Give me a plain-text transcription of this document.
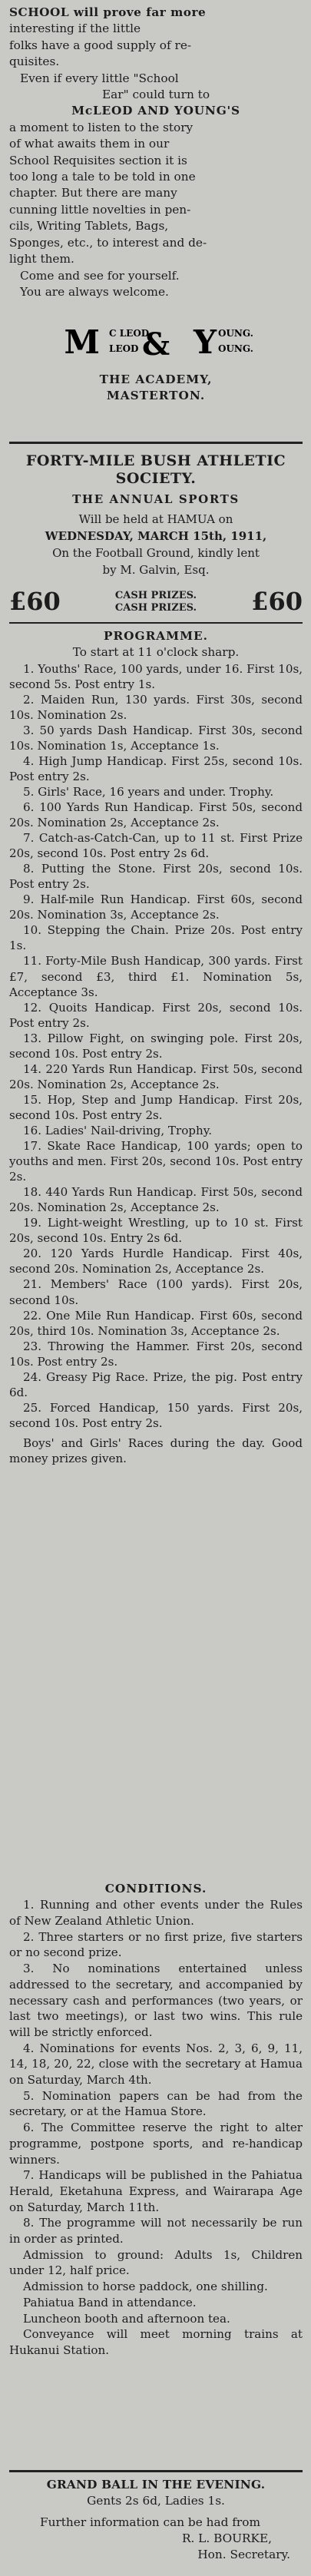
SCHOOL will prove far more

interesting if the little

folks have a good supply of re-

quisites.

Even if every little "School

Ear" could turn to

McLEOD AND YOUNG'S

a moment to listen to the story

of what awaits them in our

School Requisites section it is

too long a tale to be told in one

chapter. But there are many

cunning little novelties in pen-

cils, Writing Tablets, Bags,

Sponges, etc., to interest and de-

light them.

Come and see for yourself.

You are always welcome.

M C LEOD
LEOD & Y OUNG.
OUNG.

THE ACADEMY,

MASTERTON.

FORTY-MILE BUSH ATHLETIC
SOCIETY.
THE ANNUAL SPORTS

Will be held at HAMUA on

WEDNESDAY, MARCH 15th, 1911,

On the Football Ground, kindly lent

by M. Galvin, Esq.

£60	CASH PRIZES.
CASH PRIZES.	£60

PROGRAMME.

To start at 11 o'clock sharp.

1. Youths' Race, 100 yards, under 16. First 10s, second 5s. Post entry 1s.

2. Maiden Run, 130 yards. First 30s, second 10s. Nomination 2s.

3. 50 yards Dash Handicap. First 30s, second 10s. Nomination 1s, Acceptance 1s.

4. High Jump Handicap. First 25s, second 10s. Post entry 2s.

5. Girls' Race, 16 years and under. Trophy.

6. 100 Yards Run Handicap. First 50s, second 20s. Nomination 2s, Acceptance 2s.

7. Catch-as-Catch-Can, up to 11 st. First Prize 20s, second 10s. Post entry 2s 6d.

8. Putting the Stone. First 20s, second 10s. Post entry 2s.

9. Half-mile Run Handicap. First 60s, second 20s. Nomination 3s, Acceptance 2s.

10. Stepping the Chain. Prize 20s. Post entry 1s.

11. Forty-Mile Bush Handicap, 300 yards. First £7, second £3, third £1. Nomination 5s, Acceptance 3s.

12. Quoits Handicap. First 20s, second 10s. Post entry 2s.

13. Pillow Fight, on swinging pole. First 20s, second 10s. Post entry 2s.

14. 220 Yards Run Handicap. First 50s, second 20s. Nomination 2s, Acceptance 2s.

15. Hop, Step and Jump Handicap. First 20s, second 10s. Post entry 2s.

16. Ladies' Nail-driving, Trophy.

17. Skate Race Handicap, 100 yards; open to youths and men. First 20s, second 10s. Post entry 2s.

18. 440 Yards Run Handicap. First 50s, second 20s. Nomination 2s, Acceptance 2s.

19. Light-weight Wrestling, up to 10 st. First 20s, second 10s. Entry 2s 6d.

20. 120 Yards Hurdle Handicap. First 40s, second 20s. Nomination 2s, Acceptance 2s.

21. Members' Race (100 yards). First 20s, second 10s.

22. One Mile Run Handicap. First 60s, second 20s, third 10s. Nomination 3s, Acceptance 2s.

23. Throwing the Hammer. First 20s, second 10s. Post entry 2s.

24. Greasy Pig Race. Prize, the pig. Post entry 6d.

25. Forced Handicap, 150 yards. First 20s, second 10s. Post entry 2s.

Boys' and Girls' Races during the day. Good money prizes given.

CONDITIONS.

1. Running and other events under the Rules of New Zealand Athletic Union.

2. Three starters or no first prize, five starters or no second prize.

3. No nominations entertained unless addressed to the secretary, and accompanied by necessary cash and performances (two years, or last two meetings), or last two wins. This rule will be strictly enforced.

4. Nominations for events Nos. 2, 3, 6, 9, 11, 14, 18, 20, 22, close with the secretary at Hamua on Saturday, March 4th.

5. Nomination papers can be had from the secretary, or at the Hamua Store.

6. The Committee reserve the right to alter programme, postpone sports, and re-handicap winners.

7. Handicaps will be published in the Pahiatua Herald, Eketahuna Express, and Wairarapa Age on Saturday, March 11th.

8. The programme will not necessarily be run in order as printed.

Admission to ground: Adults 1s, Children under 12, half price.

Admission to horse paddock, one shilling.

Pahiatua Band in attendance.

Luncheon booth and afternoon tea.

Conveyance will meet morning trains at Hukanui Station.

GRAND BALL IN THE EVENING.

Gents 2s 6d, Ladies 1s.

Further information can be had from

R. L. BOURKE,

Hon. Secretary.
